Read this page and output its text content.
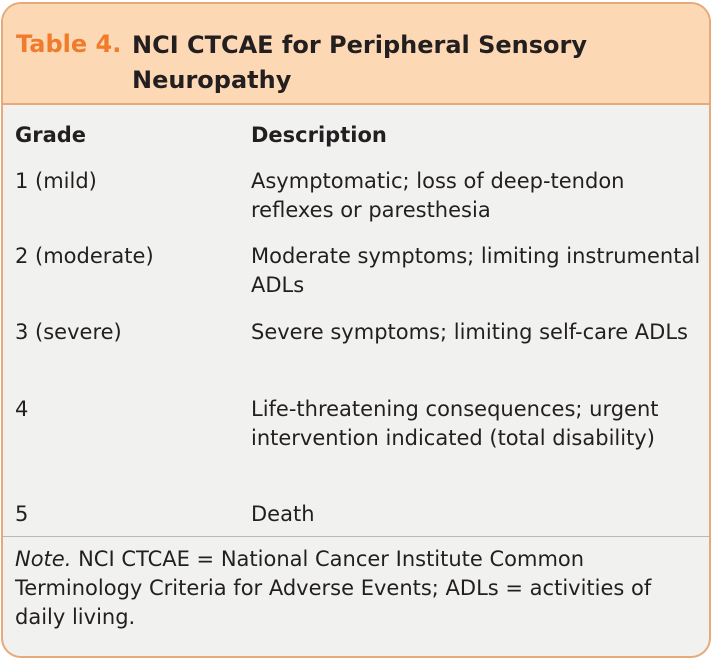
Table 4. NCI CTCAE for Peripheral Sensory Neuropathy
Grade	Description
1 (mild)	Asymptomatic; loss of deep-tendon reflexes or paresthesia
2 (moderate)	Moderate symptoms; limiting instrumental ADLs
3 (severe)	Severe symptoms; limiting self-care ADLs
4	Life-threatening consequences; urgent intervention indicated (total disability)
5	Death
Note. NCI CTCAE = National Cancer Institute Common Terminology Criteria for Adverse Events; ADLs = activities of daily living.
